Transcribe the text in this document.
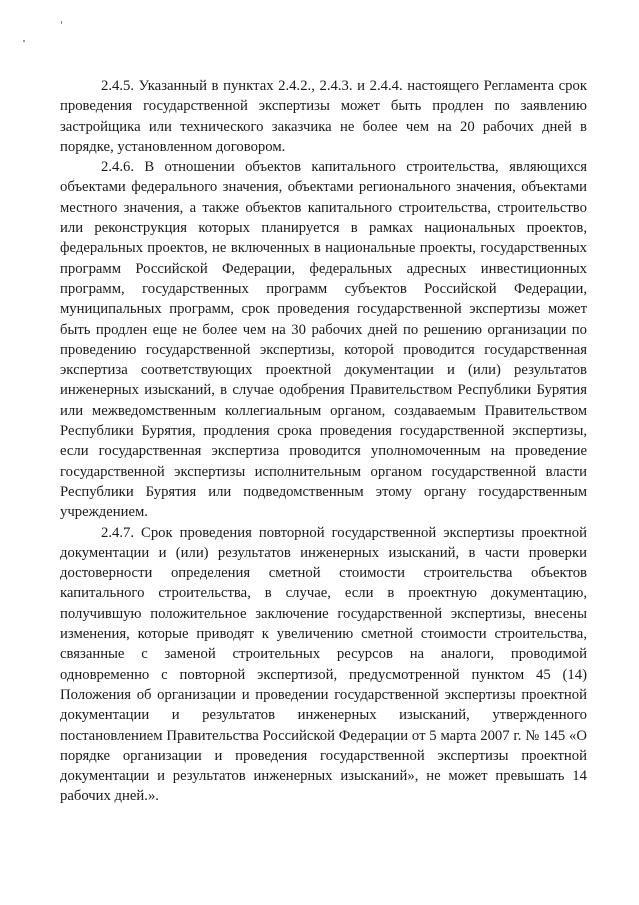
2.4.5. Указанный в пунктах 2.4.2., 2.4.3. и 2.4.4. настоящего Регламента срок проведения государственной экспертизы может быть продлен по заявлению застройщика или технического заказчика не более чем на 20 рабочих дней в порядке, установленном договором.

2.4.6. В отношении объектов капитального строительства, являющихся объектами федерального значения, объектами регионального значения, объектами местного значения, а также объектов капитального строительства, строительство или реконструкция которых планируется в рамках национальных проектов, федеральных проектов, не включенных в национальные проекты, государственных программ Российской Федерации, федеральных адресных инвестиционных программ, государственных программ субъектов Российской Федерации, муниципальных программ, срок проведения государственной экспертизы может быть продлен еще не более чем на 30 рабочих дней по решению организации по проведению государственной экспертизы, которой проводится государственная экспертиза соответствующих проектной документации и (или) результатов инженерных изысканий, в случае одобрения Правительством Республики Бурятия или межведомственным коллегиальным органом, создаваемым Правительством Республики Бурятия, продления срока проведения государственной экспертизы, если государственная экспертиза проводится уполномоченным на проведение государственной экспертизы исполнительным органом государственной власти Республики Бурятия или подведомственным этому органу государственным учреждением.

2.4.7. Срок проведения повторной государственной экспертизы проектной документации и (или) результатов инженерных изысканий, в части проверки достоверности определения сметной стоимости строительства объектов капитального строительства, в случае, если в проектную документацию, получившую положительное заключение государственной экспертизы, внесены изменения, которые приводят к увеличению сметной стоимости строительства, связанные с заменой строительных ресурсов на аналоги, проводимой одновременно с повторной экспертизой, предусмотренной пунктом 45 (14) Положения об организации и проведении государственной экспертизы проектной документации и результатов инженерных изысканий, утвержденного постановлением Правительства Российской Федерации от 5 марта 2007 г. № 145 «О порядке организации и проведения государственной экспертизы проектной документации и результатов инженерных изысканий», не может превышать 14 рабочих дней.».
